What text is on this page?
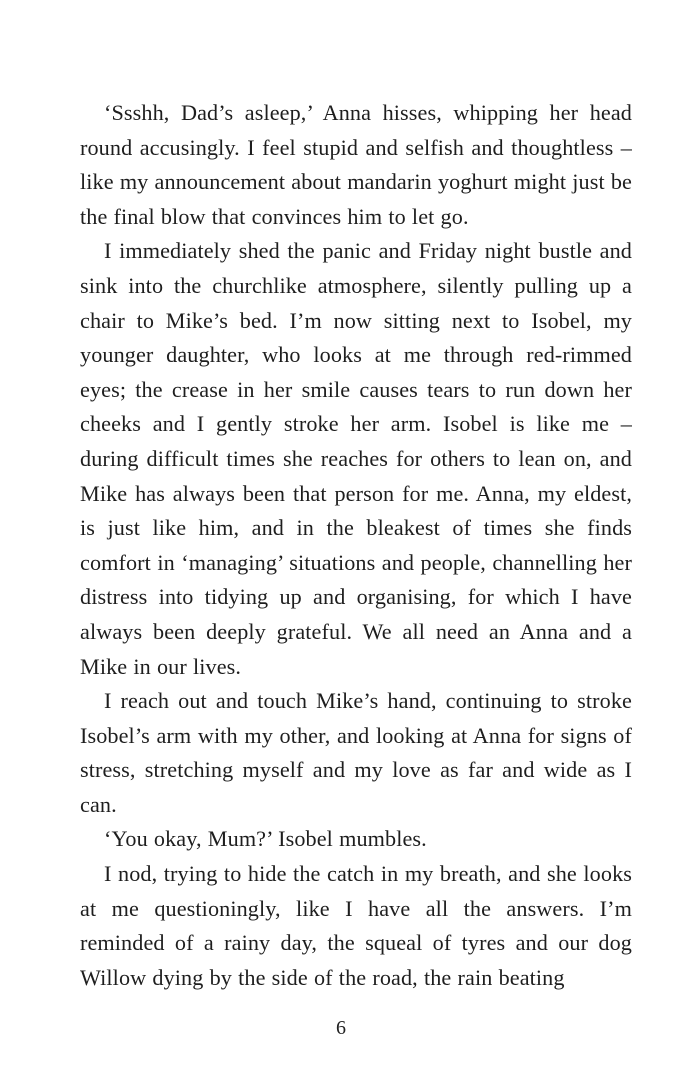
‘Ssshh, Dad’s asleep,’ Anna hisses, whipping her head round accusingly. I feel stupid and selfish and thoughtless – like my announcement about mandarin yoghurt might just be the final blow that convinces him to let go.

I immediately shed the panic and Friday night bustle and sink into the churchlike atmosphere, silently pulling up a chair to Mike’s bed. I’m now sitting next to Isobel, my younger daughter, who looks at me through red-rimmed eyes; the crease in her smile causes tears to run down her cheeks and I gently stroke her arm. Isobel is like me – during difficult times she reaches for others to lean on, and Mike has always been that person for me. Anna, my eldest, is just like him, and in the bleakest of times she finds comfort in ‘managing’ situations and people, channelling her distress into tidying up and organising, for which I have always been deeply grateful. We all need an Anna and a Mike in our lives.

I reach out and touch Mike’s hand, continuing to stroke Isobel’s arm with my other, and looking at Anna for signs of stress, stretching myself and my love as far and wide as I can.

‘You okay, Mum?’ Isobel mumbles.

I nod, trying to hide the catch in my breath, and she looks at me questioningly, like I have all the answers. I’m reminded of a rainy day, the squeal of tyres and our dog Willow dying by the side of the road, the rain beating

6
